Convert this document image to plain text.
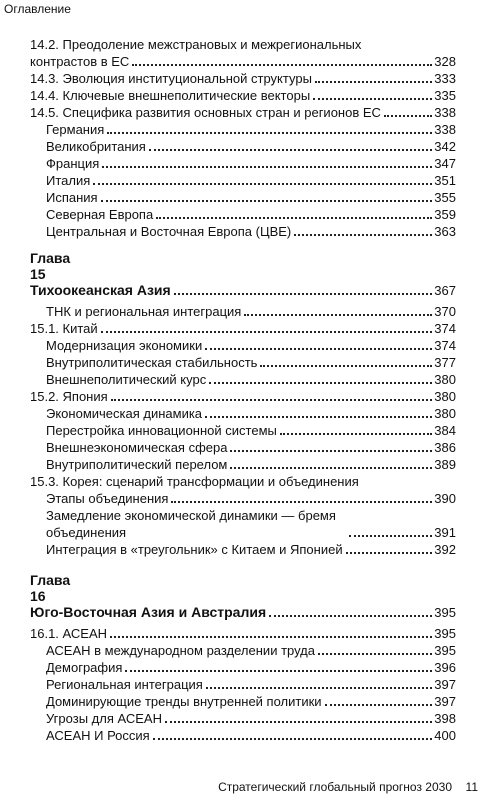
Оглавление
14.2. Преодоление межстрановых и межрегиональных
контрастов в ЕС	328
14.3. Эволюция институциональной структуры	333
14.4. Ключевые внешнеполитические векторы	335
14.5. Специфика развития основных стран и регионов ЕС	338
Германия	338
Великобритания	342
Франция	347
Италия	351
Испания	355
Северная Европа	359
Центральная и Восточная Европа (ЦВЕ)	363
Глава
15
Тихоокеанская Азия	367
ТНК и региональная интеграция	370
15.1. Китай	374
Модернизация экономики	374
Внутриполитическая стабильность	377
Внешнеполитический курс	380
15.2. Япония	380
Экономическая динамика	380
Перестройка инновационной системы	384
Внешнеэкономическая сфера	386
Внутриполитический перелом	389
15.3. Корея: сценарий трансформации и объединения
Этапы объединения	390
Замедление экономической динамики — бремя объединения	391
Интеграция в «треугольник» с Китаем и Японией	392
Глава
16
Юго-Восточная Азия и Австралия	395
16.1. АСЕАН	395
АСЕАН в международном разделении труда	395
Демография	396
Региональная интеграция	397
Доминирующие тренды внутренней политики	397
Угрозы для АСЕАН	398
АСЕАН И Россия	400
Стратегический глобальный прогноз 2030 11
